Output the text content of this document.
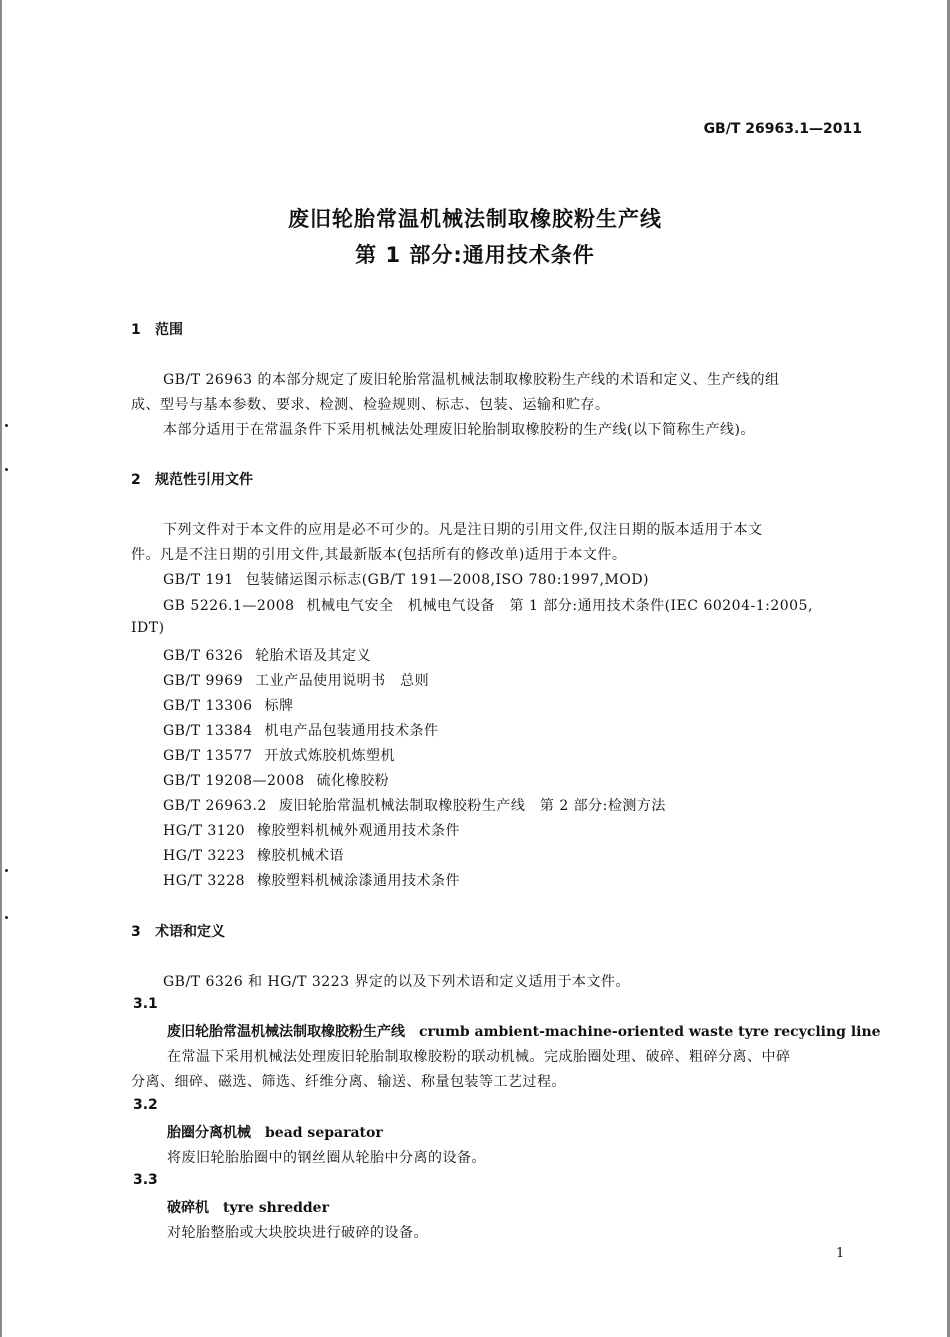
GB/T 26963.1—2011
废旧轮胎常温机械法制取橡胶粉生产线
第 1 部分:通用技术条件
1 范围
GB/T 26963 的本部分规定了废旧轮胎常温机械法制取橡胶粉生产线的术语和定义、生产线的组
成、型号与基本参数、要求、检测、检验规则、标志、包装、运输和贮存。
本部分适用于在常温条件下采用机械法处理废旧轮胎制取橡胶粉的生产线(以下简称生产线)。
2 规范性引用文件
下列文件对于本文件的应用是必不可少的。凡是注日期的引用文件,仅注日期的版本适用于本文
件。凡是不注日期的引用文件,其最新版本(包括所有的修改单)适用于本文件。
GB/T 191 包装储运图示标志(GB/T 191—2008,ISO 780:1997,MOD)
GB 5226.1—2008 机械电气安全　机械电气设备　第 1 部分:通用技术条件(IEC 60204-1:2005,
IDT)
GB/T 6326 轮胎术语及其定义
GB/T 9969 工业产品使用说明书　总则
GB/T 13306 标牌
GB/T 13384 机电产品包装通用技术条件
GB/T 13577 开放式炼胶机炼塑机
GB/T 19208—2008 硫化橡胶粉
GB/T 26963.2 废旧轮胎常温机械法制取橡胶粉生产线　第 2 部分:检测方法
HG/T 3120 橡胶塑料机械外观通用技术条件
HG/T 3223 橡胶机械术语
HG/T 3228 橡胶塑料机械涂漆通用技术条件
3 术语和定义
GB/T 6326 和 HG/T 3223 界定的以及下列术语和定义适用于本文件。
3.1
废旧轮胎常温机械法制取橡胶粉生产线 crumb ambient-machine-oriented waste tyre recycling line
在常温下采用机械法处理废旧轮胎制取橡胶粉的联动机械。完成胎圈处理、破碎、粗碎分离、中碎
分离、细碎、磁选、筛选、纤维分离、输送、称量包装等工艺过程。
3.2
胎圈分离机械 bead separator
将废旧轮胎胎圈中的钢丝圈从轮胎中分离的设备。
3.3
破碎机 tyre shredder
对轮胎整胎或大块胶块进行破碎的设备。
1
